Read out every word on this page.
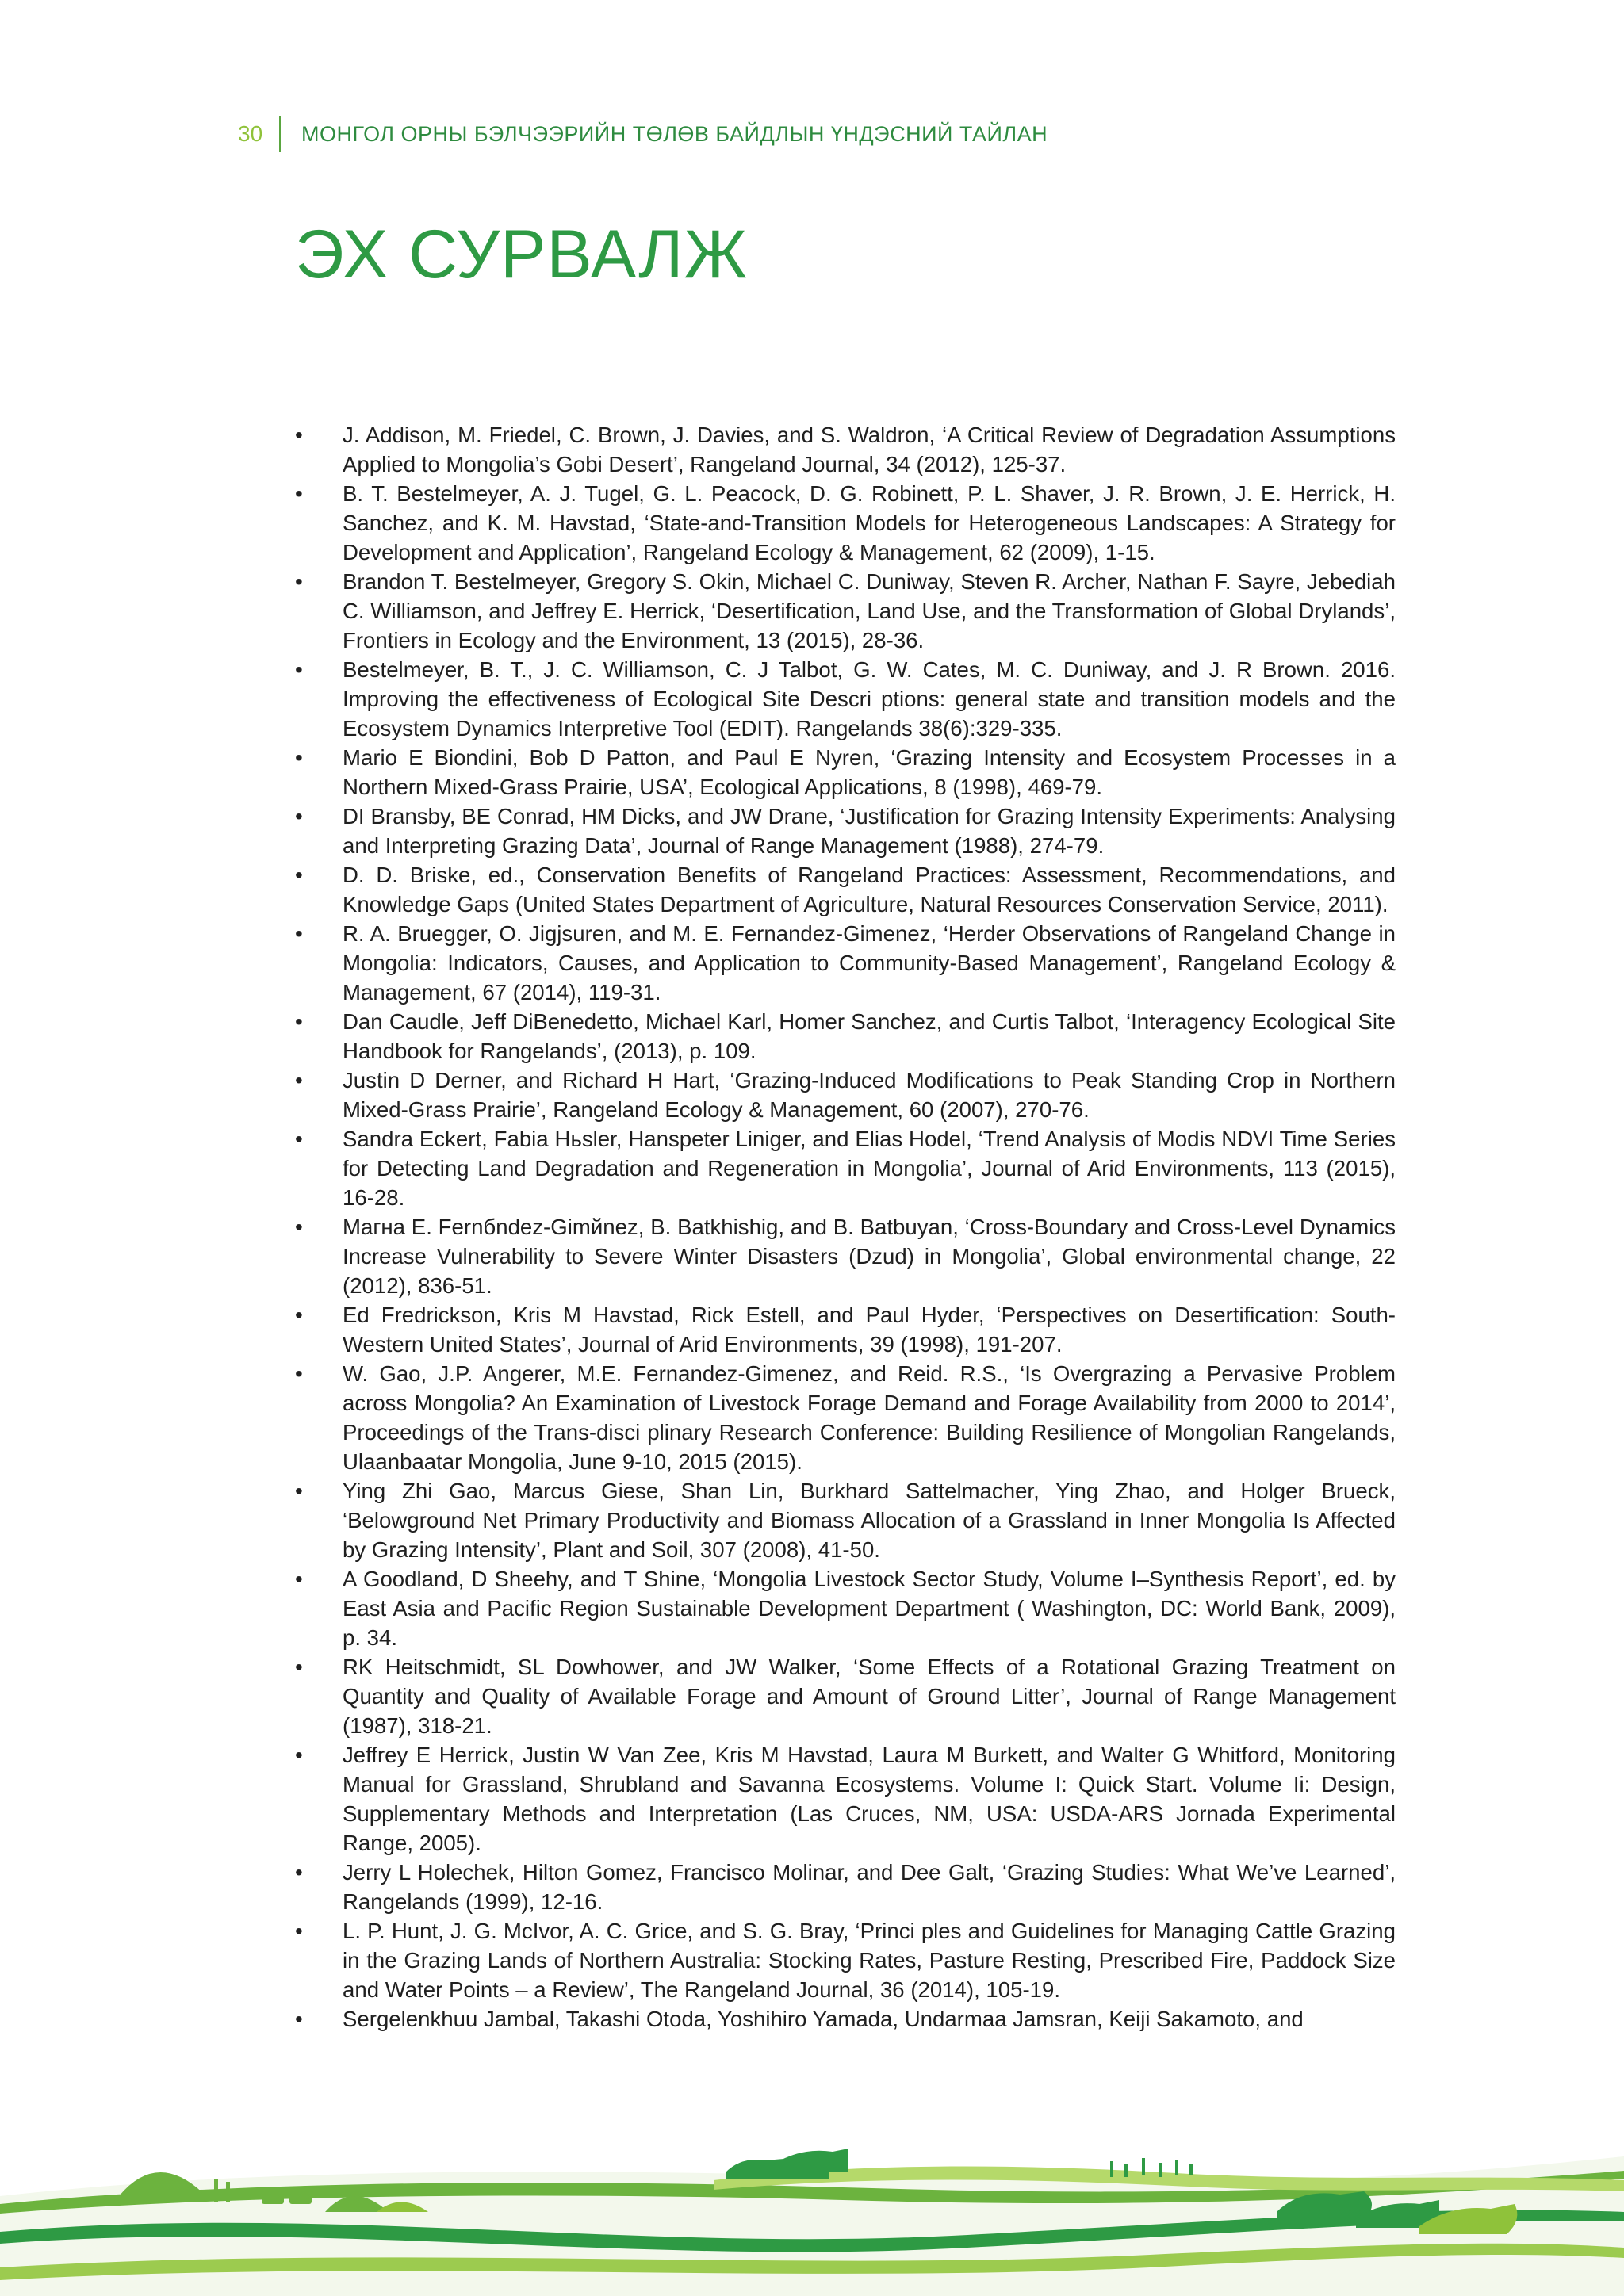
30	МОНГОЛ ОРНЫ БЭЛЧЭЭРИЙН ТӨЛӨВ БАЙДЛЫН ҮНДЭСНИЙ ТАЙЛАН
ЭХ СУРВАЛЖ
• J. Addison, M. Friedel, C. Brown, J. Davies, and S. Waldron, ‘A Critical Review of Degradation Assumptions Applied to Mongolia’s Gobi Desert’, Rangeland Journal, 34 (2012), 125-37.
• B. T. Bestelmeyer, A. J. Tugel, G. L. Peacock, D. G. Robinett, P. L. Shaver, J. R. Brown, J. E. Herrick, H. Sanchez, and K. M. Havstad, ‘State-and-Transition Models for Heterogeneous Landscapes: A Strategy for Development and Application’, Rangeland Ecology & Management, 62 (2009), 1-15.
• Brandon T. Bestelmeyer, Gregory S. Okin, Michael C. Duniway, Steven R. Archer, Nathan F. Sayre, Jebediah C. Williamson, and Jeffrey E. Herrick, ‘Desertification, Land Use, and the Transformation of Global Drylands’, Frontiers in Ecology and the Environment, 13 (2015), 28-36.
• Bestelmeyer, B. T., J. C. Williamson, C. J Talbot, G. W. Cates, M. C. Duniway, and J. R Brown. 2016. Improving the effectiveness of Ecological Site Descri ptions: general state and transition models and the Ecosystem Dynamics Interpretive Tool (EDIT). Rangelands 38(6):329-335.
• Mario E Biondini, Bob D Patton, and Paul E Nyren, ‘Grazing Intensity and Ecosystem Processes in a Northern Mixed-Grass Prairie, USA’, Ecological Applications, 8 (1998), 469-79.
• DI Bransby, BE Conrad, HM Dicks, and JW Drane, ‘Justification for Grazing Intensity Experiments: Analysing and Interpreting Grazing Data’, Journal of Range Management (1988), 274-79.
• D. D. Briske, ed., Conservation Benefits of Rangeland Practices: Assessment, Recommendations, and Knowledge Gaps (United States Department of Agriculture, Natural Resources Conservation Service, 2011).
• R. A. Bruegger, O. Jigjsuren, and M. E. Fernandez-Gimenez, ‘Herder Observations of Rangeland Change in Mongolia: Indicators, Causes, and Application to Community-Based Management’, Rangeland Ecology & Management, 67 (2014), 119-31.
• Dan Caudle, Jeff DiBenedetto, Michael Karl, Homer Sanchez, and Curtis Talbot, ‘Interagency Ecological Site Handbook for Rangelands’, (2013), p. 109.
• Justin D Derner, and Richard H Hart, ‘Grazing-Induced Modifications to Peak Standing Crop in Northern Mixed-Grass Prairie’, Rangeland Ecology & Management, 60 (2007), 270-76.
• Sandra Eckert, Fabia Hьsler, Hanspeter Liniger, and Elias Hodel, ‘Trend Analysis of Modis NDVI Time Series for Detecting Land Degradation and Regeneration in Mongolia’, Journal of Arid Environments, 113 (2015), 16-28.
• Maгнa E. Fernбndez-Gimйnez, B. Batkhishig, and B. Batbuyan, ‘Cross-Boundary and Cross-Level Dynamics Increase Vulnerability to Severe Winter Disasters (Dzud) in Mongolia’, Global environmental change, 22 (2012), 836-51.
• Ed Fredrickson, Kris M Havstad, Rick Estell, and Paul Hyder, ‘Perspectives on Desertification: South-Western United States’, Journal of Arid Environments, 39 (1998), 191-207.
• W. Gao, J.P. Angerer, M.E. Fernandez-Gimenez, and Reid. R.S., ‘Is Overgrazing a Pervasive Problem across Mongolia? An Examination of Livestock Forage Demand and Forage Availability from 2000 to 2014’, Proceedings of the Trans-disci plinary Research Conference: Building Resilience of Mongolian Rangelands, Ulaanbaatar Mongolia, June 9-10, 2015 (2015).
• Ying Zhi Gao, Marcus Giese, Shan Lin, Burkhard Sattelmacher, Ying Zhao, and Holger Brueck, ‘Belowground Net Primary Productivity and Biomass Allocation of a Grassland in Inner Mongolia Is Affected by Grazing Intensity’, Plant and Soil, 307 (2008), 41-50.
• A Goodland, D Sheehy, and T Shine, ‘Mongolia Livestock Sector Study, Volume I–Synthesis Report’, ed. by East Asia and Pacific Region Sustainable Development Department ( Washington, DC: World Bank, 2009), p. 34.
• RK Heitschmidt, SL Dowhower, and JW Walker, ‘Some Effects of a Rotational Grazing Treatment on Quantity and Quality of Available Forage and Amount of Ground Litter’, Journal of Range Management (1987), 318-21.
• Jeffrey E Herrick, Justin W Van Zee, Kris M Havstad, Laura M Burkett, and Walter G Whitford, Monitoring Manual for Grassland, Shrubland and Savanna Ecosystems. Volume I: Quick Start. Volume Ii: Design, Supplementary Methods and Interpretation (Las Cruces, NM, USA: USDA-ARS Jornada Experimental Range, 2005).
• Jerry L Holechek, Hilton Gomez, Francisco Molinar, and Dee Galt, ‘Grazing Studies: What We’ve Learned’, Rangelands (1999), 12-16.
• L. P. Hunt, J. G. McIvor, A. C. Grice, and S. G. Bray, ‘Princi ples and Guidelines for Managing Cattle Grazing in the Grazing Lands of Northern Australia: Stocking Rates, Pasture Resting, Prescribed Fire, Paddock Size and Water Points – a Review’, The Rangeland Journal, 36 (2014), 105-19.
• Sergelenkhuu Jambal, Takashi Otoda, Yoshihiro Yamada, Undarmaa Jamsran, Keiji Sakamoto, and
